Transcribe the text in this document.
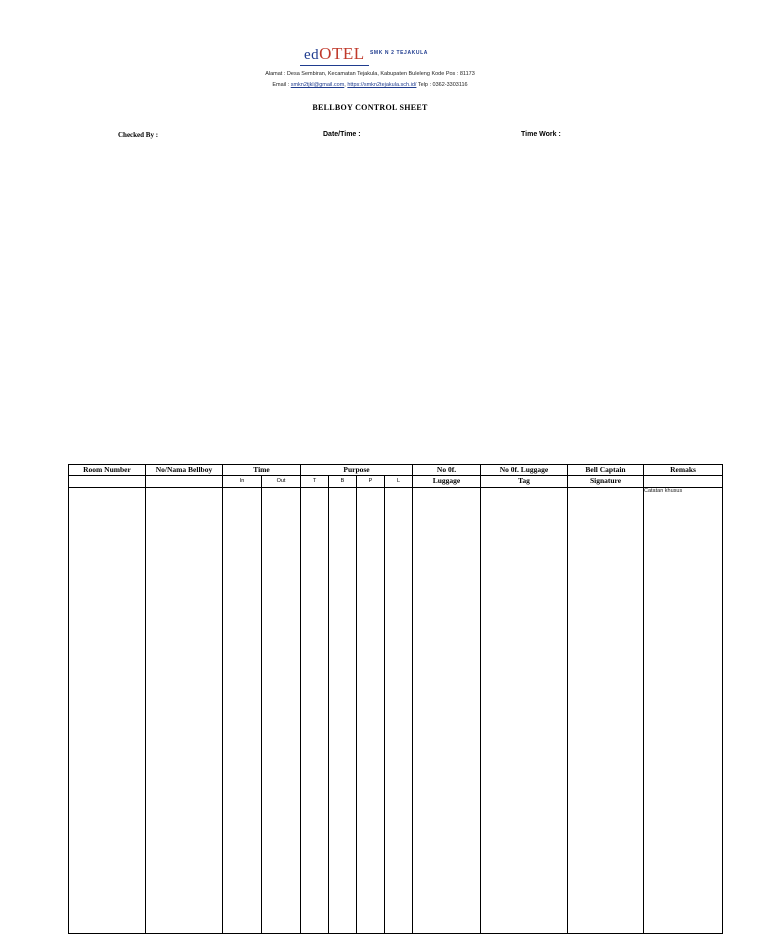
edOTEL	SMK N 2 TEJAKULA
Alamat : Desa Sembiran, Kecamatan Tejakula, Kabupaten Buleleng Kode Pos : 81173
Email : smkn2tjkl@gmail.com, https://smkn2tejakula.sch.id/ Telp : 0362-3303116
BELLBOY CONTROL SHEET
Checked By :	Date/Time :	Time Work :
Room Number	No/Nama Bellboy	Time		Purpose				No 0f.	No 0f. Luggage	Bell Captain	Remaks
		In	Out	T	B	P	L	Luggage	Tag	Signature	
											Catatan khusus
